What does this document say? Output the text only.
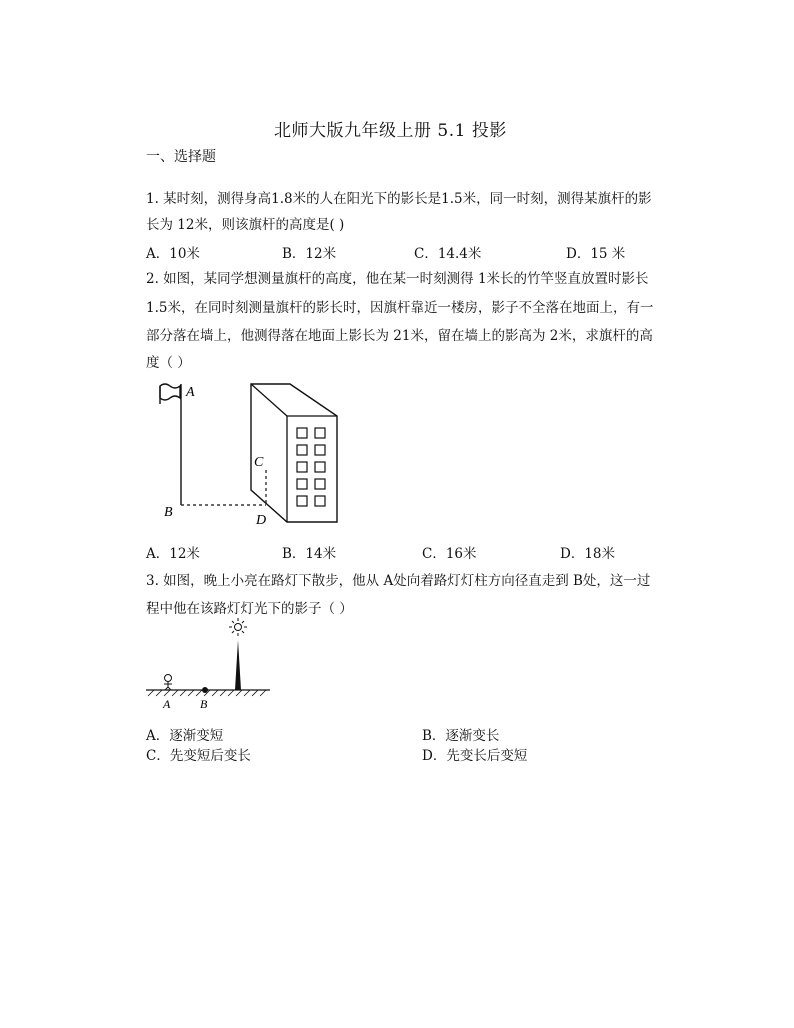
北师大版九年级上册 5.1 投影
一、选择题
1. 某时刻，测得身高1.8米的人在阳光下的影长是1.5米，同一时刻，测得某旗杆的影
长为 12米，则该旗杆的高度是( )
A．10米	B．12米	C．14.4米	D．15 米
2. 如图，某同学想测量旗杆的高度，他在某一时刻测得 1米长的竹竿竖直放置时影长
1.5米，在同时刻测量旗杆的影长时，因旗杆靠近一楼房，影子不全落在地面上，有一
部分落在墙上，他测得落在地面上影长为 21米，留在墙上的影高为 2米，求旗杆的高
度（ ）
A
B
C
D
A．12米	B．14米	C．16米	D．18米
3. 如图，晚上小亮在路灯下散步，他从 A处向着路灯灯柱方向径直走到 B处，这一过
程中他在该路灯灯光下的影子（ ）
A B
A．逐渐变短	B．逐渐变长
C．先变短后变长	D．先变长后变短
